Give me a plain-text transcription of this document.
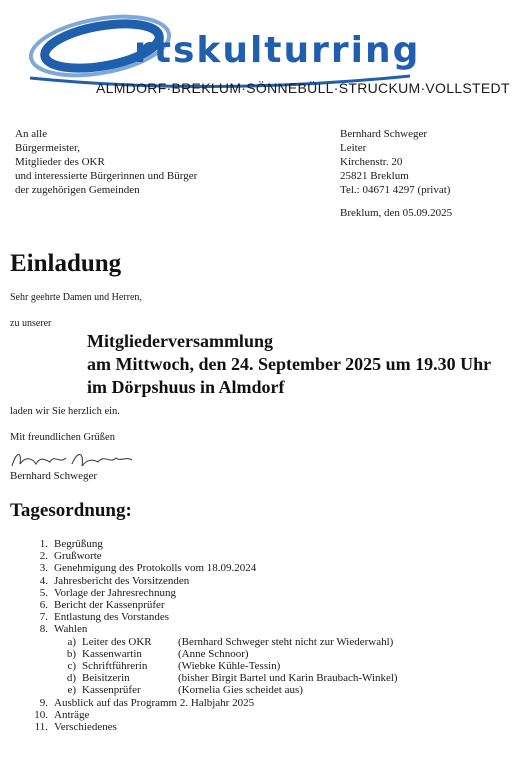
rtskulturring
ALMDORF·BREKLUM·SÖNNEBÜLL·STRUCKUM·VOLLSTEDT
An alle
Bürgermeister,
Mitglieder des OKR
und interessierte Bürgerinnen und Bürger
der zugehörigen Gemeinden
Bernhard Schweger
Leiter
Kirchenstr. 20
25821 Breklum
Tel.: 04671 4297 (privat)
Breklum, den 05.09.2025
Einladung
Sehr geehrte Damen und Herren,
zu unserer
Mitgliederversammlung
am Mittwoch, den 24. September 2025 um 19.30 Uhr
im Dörpshuus in Almdorf
laden wir Sie herzlich ein.
Mit freundlichen Grüßen
Bernhard Schweger
Tagesordnung:
1. Begrüßung
2. Grußworte
3. Genehmigung des Protokolls vom 18.09.2024
4. Jahresbericht des Vorsitzenden
5. Vorlage der Jahresrechnung
6. Bericht der Kassenprüfer
7. Entlastung des Vorstandes
8. Wahlen
a) Leiter des OKR	(Bernhard Schweger steht nicht zur Wiederwahl)
b) Kassenwartin	(Anne Schnoor)
c) Schriftführerin	(Wiebke Kühle-Tessin)
d) Beisitzerin	(bisher Birgit Bartel und Karin Braubach-Winkel)
e) Kassenprüfer	(Kornelia Gies scheidet aus)
9. Ausblick auf das Programm 2. Halbjahr 2025
10. Anträge
11. Verschiedenes
